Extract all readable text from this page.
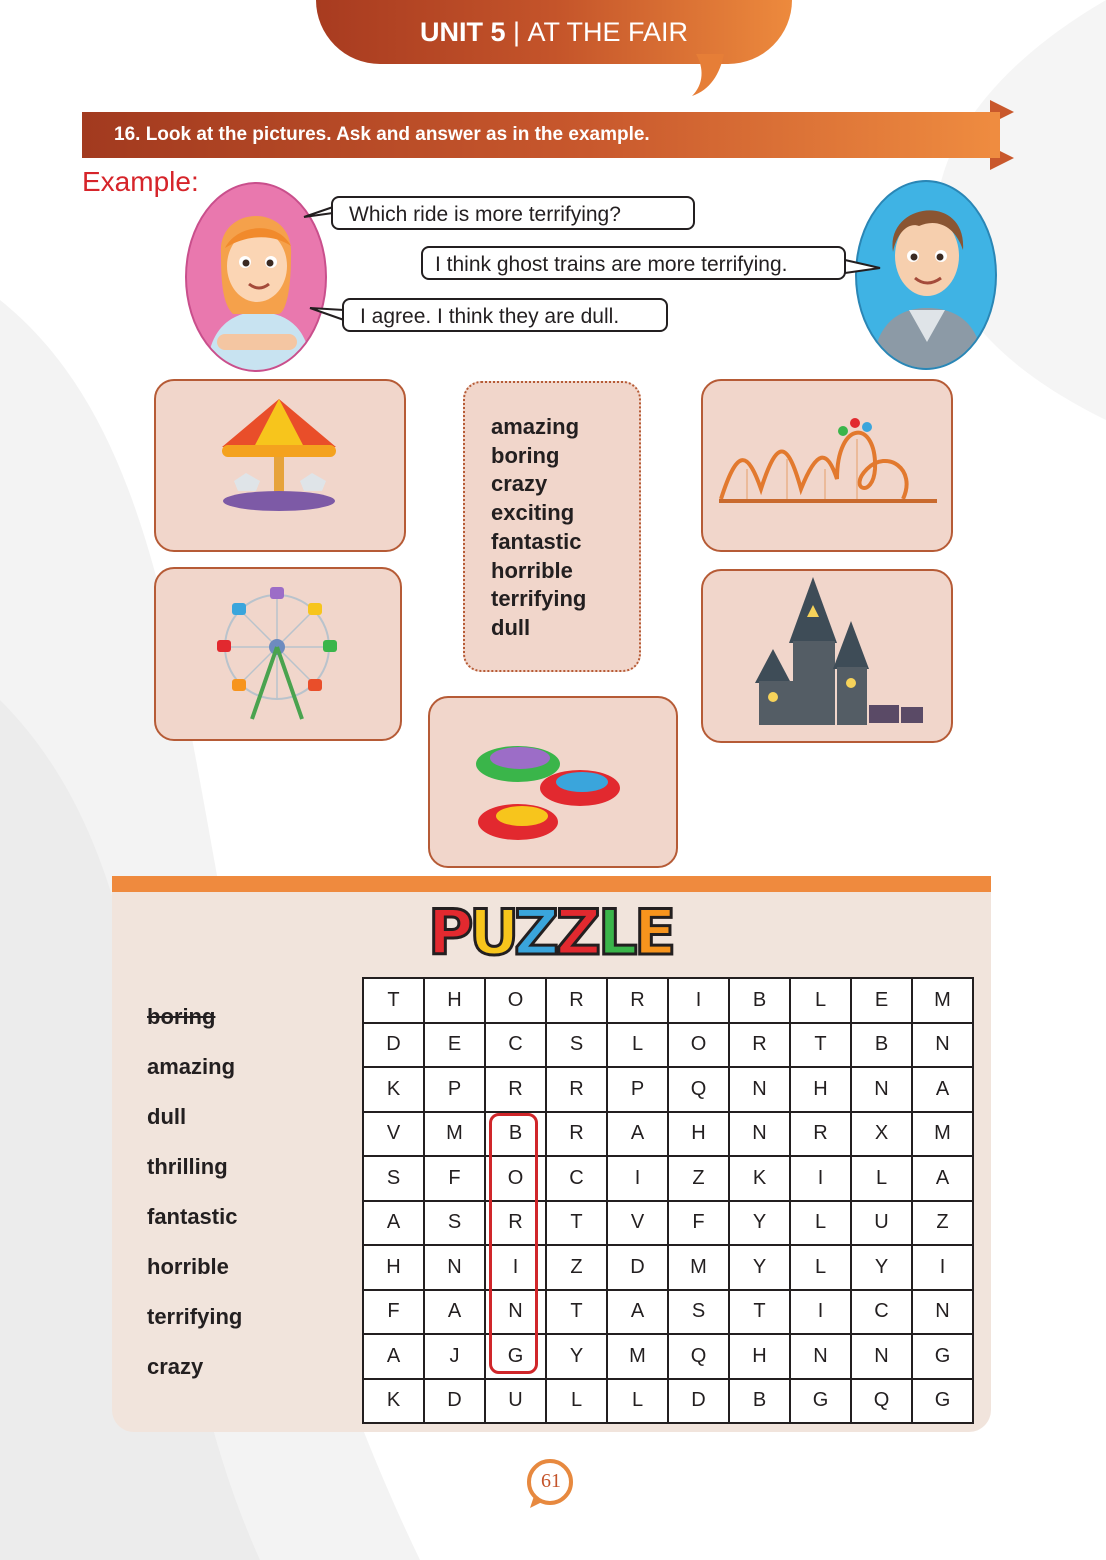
UNIT 5 | AT THE FAIR
16. Look at the pictures. Ask and answer as in the example.
Example:
Which ride is more terrifying?
I think ghost trains are more terrifying.
I agree. I think they are dull.
amazing
boring
crazy
exciting
fantastic
horrible
terrifying
dull
P
U
Z
Z
L
E
boring
amazing
dull
thrilling
fantastic
horrible
terrifying
crazy
T	H	O	R	R	I	B	L	E	M
D	E	C	S	L	O	R	T	B	N
K	P	R	R	P	Q	N	H	N	A
V	M	B	R	A	H	N	R	X	M
S	F	O	C	I	Z	K	I	L	A
A	S	R	T	V	F	Y	L	U	Z
H	N	I	Z	D	M	Y	L	Y	I
F	A	N	T	A	S	T	I	C	N
A	J	G	Y	M	Q	H	N	N	G
K	D	U	L	L	D	B	G	Q	G
61
